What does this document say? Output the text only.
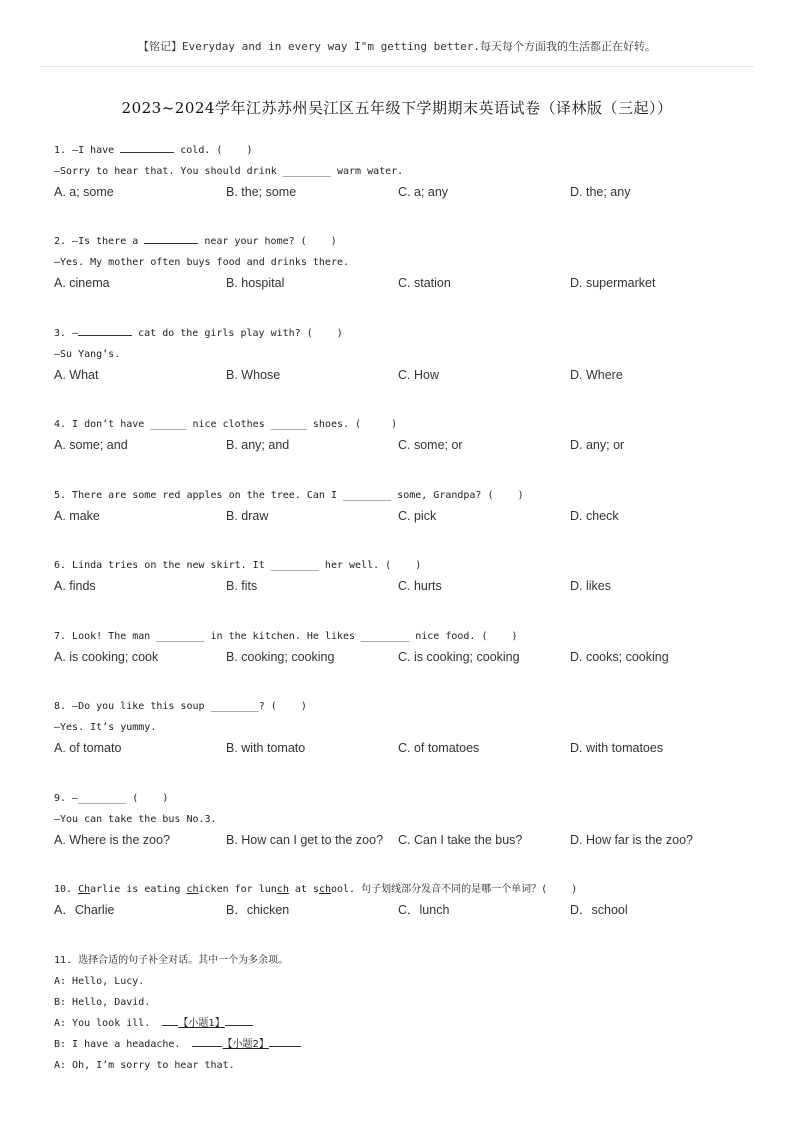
【铭记】Everyday and in every way I"m getting better.每天每个方面我的生活都正在好转。
2023~2024学年江苏苏州吴江区五年级下学期期末英语试卷（译林版（三起））
1. —I have	cold. (    )
—Sorry to hear that. You should drink ________ warm water.
A. a; some	B. the; some	C. a; any	D. the; any
2. —Is there a	near your home? (    )
—Yes. My mother often buys food and drinks there.
A. cinema	B. hospital	C. station	D. supermarket
3. —	cat do the girls play with? (    )
—Su Yang’s.
A. What	B. Whose	C. How	D. Where
4. I don’t have ______ nice clothes ______ shoes. (     )
A. some; and	B. any; and	C. some; or	D. any; or
5. There are some red apples on the tree. Can I ________ some, Grandpa? (    )
A. make	B. draw	C. pick	D. check
6. Linda tries on the new skirt. It ________ her well. (    )
A. finds	B. fits	C. hurts	D. likes
7. Look! The man ________ in the kitchen. He likes ________ nice food. (    )
A. is cooking; cook	B. cooking; cooking	C. is cooking; cooking	D. cooks; cooking
8. —Do you like this soup ________? (    )
—Yes. It’s yummy.
A. of tomato	B. with tomato	C. of tomatoes	D. with tomatoes
9. —________ (    )
—You can take the bus No.3.
A. Where is the zoo?	B. How can I get to the zoo? C. Can I take the bus?	D. How far is the zoo?
10. Charlie is eating chicken for lunch at school. 句子划线部分发音不同的是哪一个单词？(    )
A．Charlie	B．chicken	C．lunch	D．school
11. 选择合适的句子补全对话。其中一个为多余项。
A: Hello, Lucy.
B: Hello, David.
A: You look ill.  【小题1】
B: I have a headache.	【小题2】
A: Oh, I’m sorry to hear that.
